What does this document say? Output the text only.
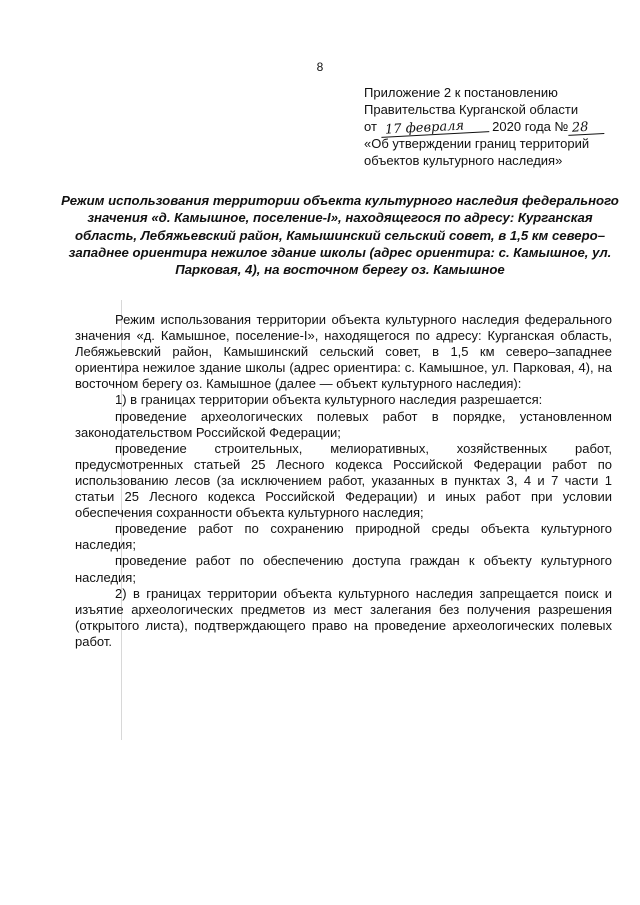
8
Приложение 2 к постановлению
Правительства Курганской области
от 17 февраля 2020 года № 28
«Об утверждении границ территорий
объектов культурного наследия»
Режим использования территории объекта культурного наследия федерального значения «д. Камышное, поселение-I», находящегося по адресу: Курганская область, Лебяжьевский район, Камышинский сельский совет, в 1,5 км северо–западнее ориентира нежилое здание школы (адрес ориентира: с. Камышное, ул. Парковая, 4), на восточном берегу оз. Камышное

Режим использования территории объекта культурного наследия федерального значения «д. Камышное, поселение-I», находящегося по адресу: Курганская область, Лебяжьевский район, Камышинский сельский совет, в 1,5 км северо–западнее ориентира нежилое здание школы (адрес ориентира: с. Камышное, ул. Парковая, 4), на восточном берегу оз. Камышное (далее — объект культурного наследия):

1) в границах территории объекта культурного наследия разрешается:

проведение археологических полевых работ в порядке, установленном законодательством Российской Федерации;

проведение строительных, мелиоративных, хозяйственных работ, предусмотренных статьей 25 Лесного кодекса Российской Федерации работ по использованию лесов (за исключением работ, указанных в пунктах 3, 4 и 7 части 1 статьи 25 Лесного кодекса Российской Федерации) и иных работ при условии обеспечения сохранности объекта культурного наследия;

проведение работ по сохранению природной среды объекта культурного наследия;

проведение работ по обеспечению доступа граждан к объекту культурного наследия;

2) в границах территории объекта культурного наследия запрещается поиск и изъятие археологических предметов из мест залегания без получения разрешения (открытого листа), подтверждающего право на проведение археологических полевых работ.
